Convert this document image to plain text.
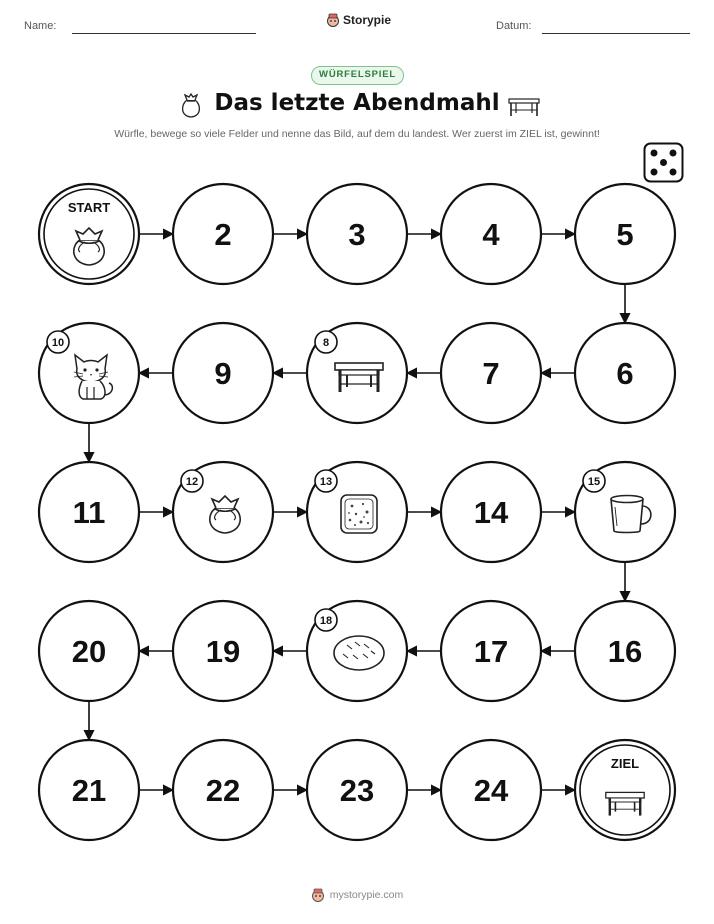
Name:	Storypie	Datum:
WÜRFELSPIEL
Das letzte Abendmahl
Würfle, bewege so viele Felder und nenne das Bild, auf dem du landest. Wer zuerst im ZIEL ist, gewinnt!
START
2	3	4	5
6
7
8
9
10
11
12	13
14
15
16
17
18
19
20
21	22	23	24
ZIEL
mystorypie.com
